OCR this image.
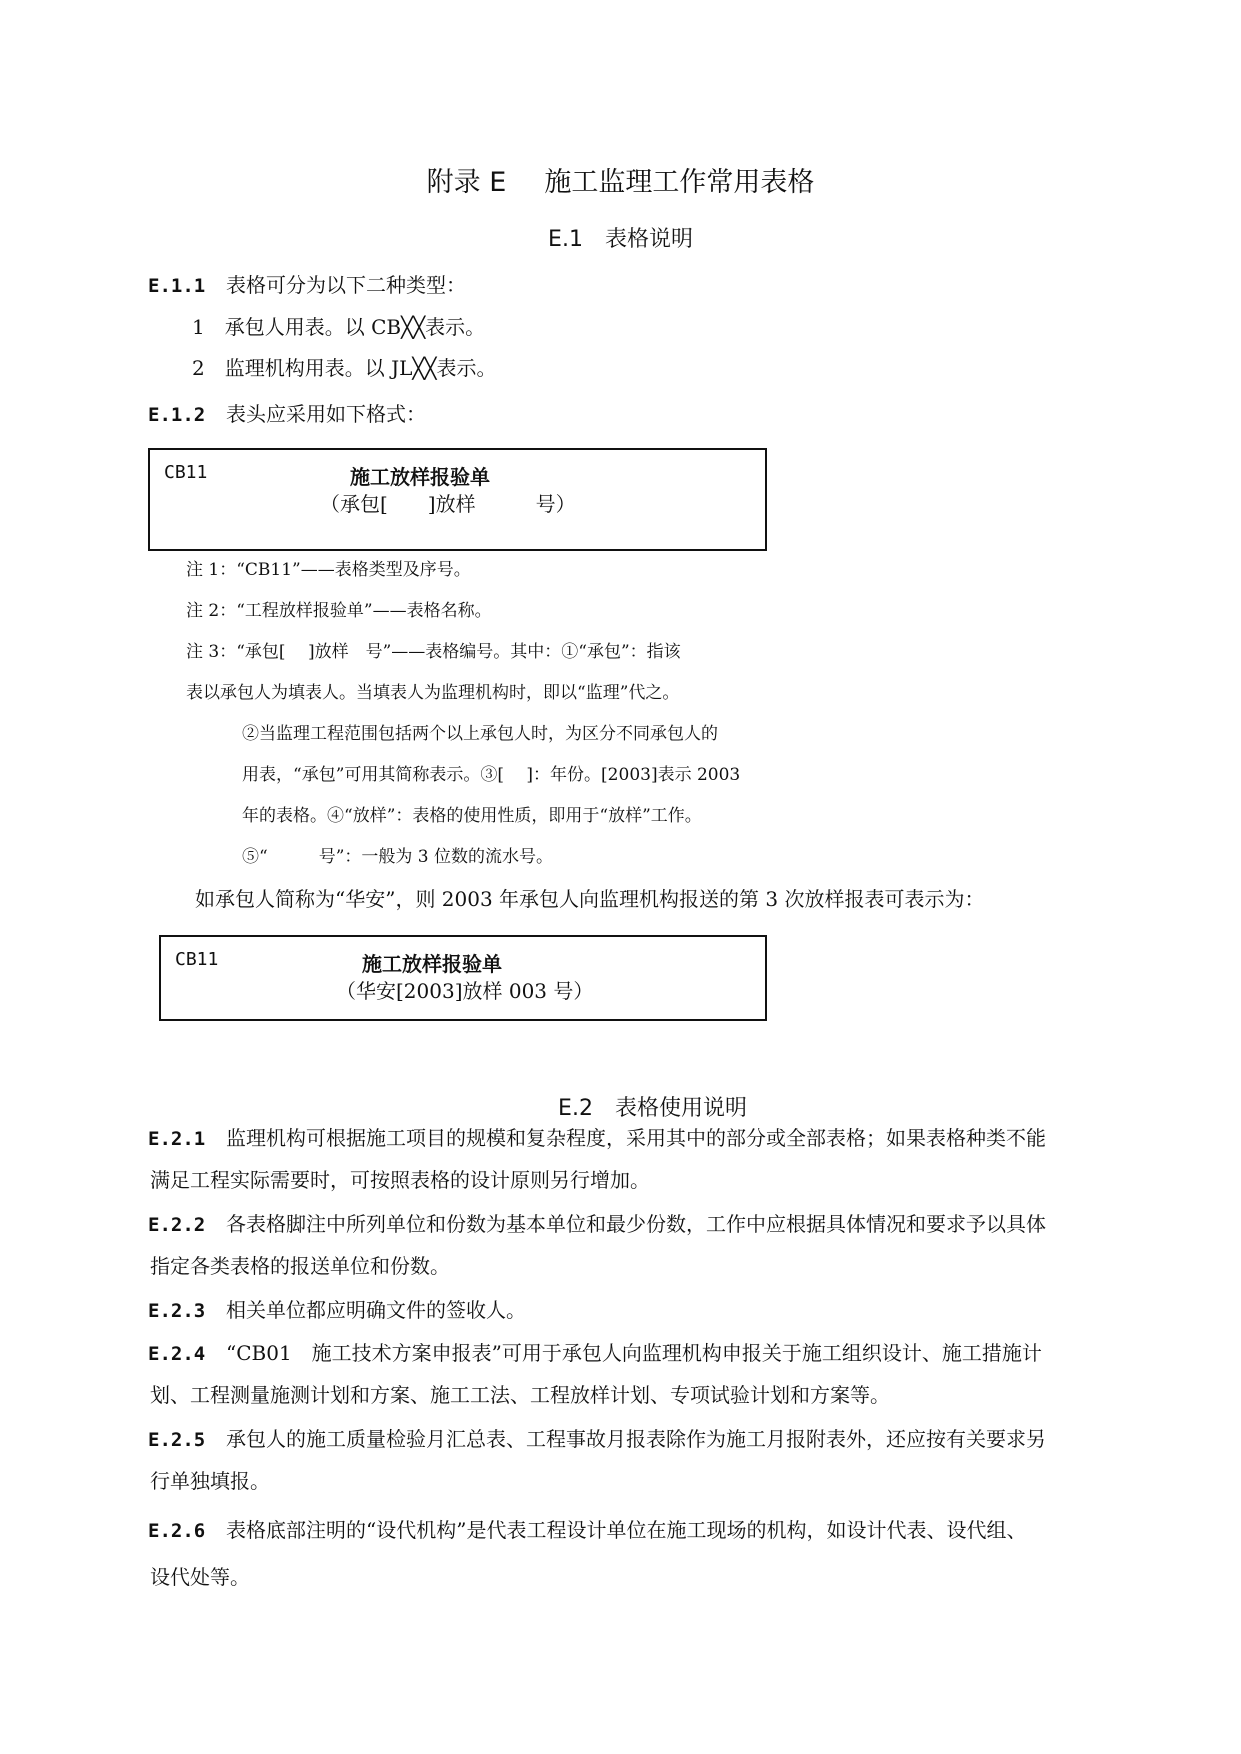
附录 E 施工监理工作常用表格
E.1 表格说明
E.1.1 表格可分为以下二种类型：
1　承包人用表。以 CB╳╳表示。
2　监理机构用表。以 JL╳╳表示。
E.1.2 表头应采用如下格式：
CB11	施工放样报验单
（承包[　　]放样　　　号）
注 1：“CB11”——表格类型及序号。
注 2：“工程放样报验单”——表格名称。
注 3：“承包[　 ]放样　号”——表格编号。其中：①“承包”：指该
表以承包人为填表人。当填表人为监理机构时，即以“监理”代之。
②当监理工程范围包括两个以上承包人时，为区分不同承包人的
用表，“承包”可用其简称表示。③[　 ]：年份。[2003]表示 2003
年的表格。④“放样”：表格的使用性质，即用于“放样”工作。
⑤“　　　号”：一般为 3 位数的流水号。
如承包人简称为“华安”，则 2003 年承包人向监理机构报送的第 3 次放样报表可表示为：
CB11	施工放样报验单
（华安[2003]放样 003 号）
E.2 表格使用说明
E.2.1 监理机构可根据施工项目的规模和复杂程度，采用其中的部分或全部表格；如果表格种类不能
满足工程实际需要时，可按照表格的设计原则另行增加。
E.2.2 各表格脚注中所列单位和份数为基本单位和最少份数，工作中应根据具体情况和要求予以具体
指定各类表格的报送单位和份数。
E.2.3 相关单位都应明确文件的签收人。
E.2.4 “CB01　施工技术方案申报表”可用于承包人向监理机构申报关于施工组织设计、施工措施计
划、工程测量施测计划和方案、施工工法、工程放样计划、专项试验计划和方案等。
E.2.5 承包人的施工质量检验月汇总表、工程事故月报表除作为施工月报附表外，还应按有关要求另
行单独填报。
E.2.6 表格底部注明的“设代机构”是代表工程设计单位在施工现场的机构，如设计代表、设代组、
设代处等。
